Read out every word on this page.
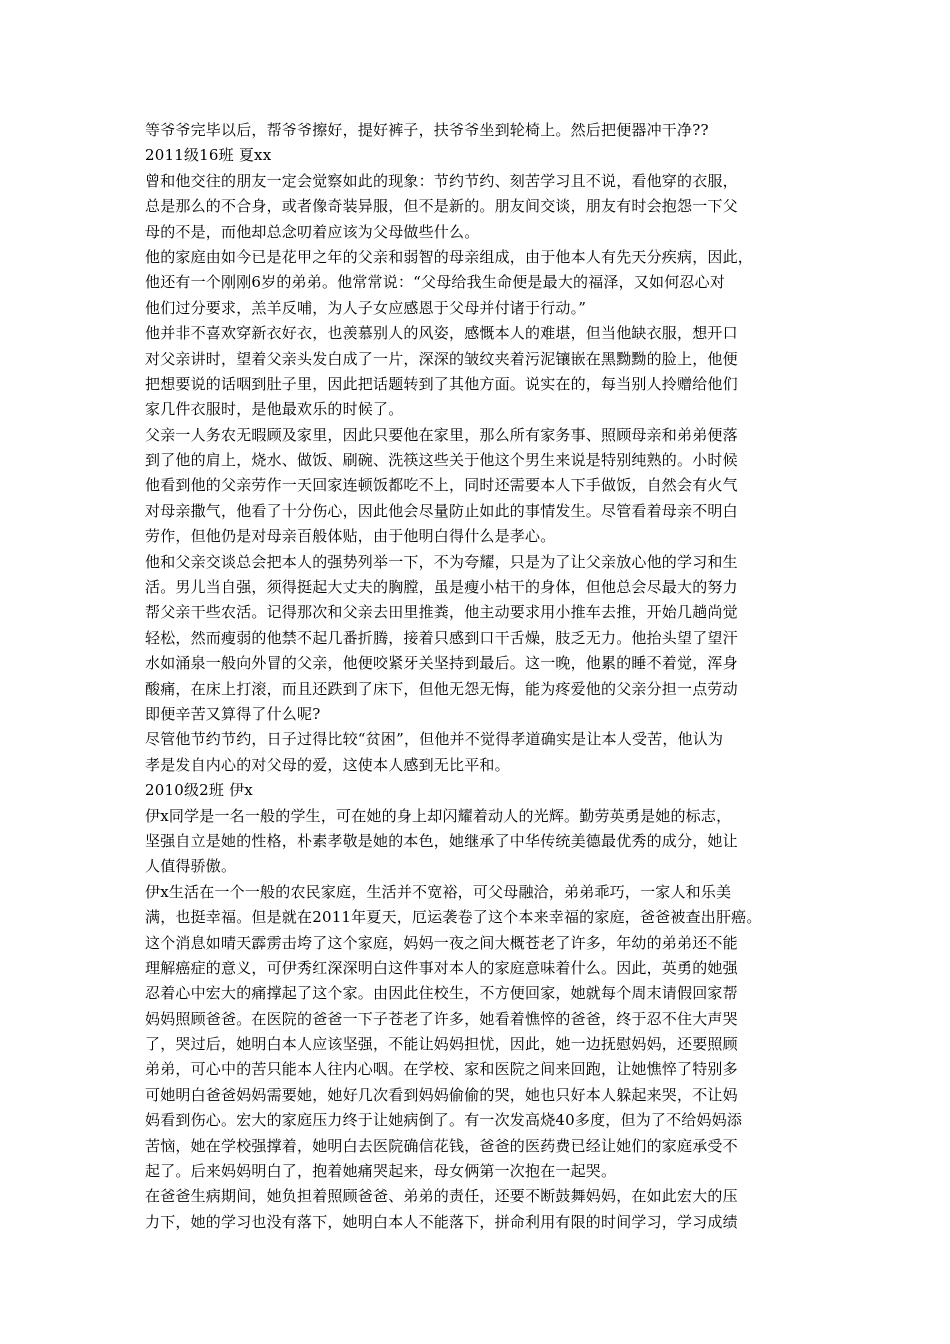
等爷爷完毕以后，帮爷爷擦好，提好裤子，扶爷爷坐到轮椅上。然后把便器冲干净??
2011级16班 夏xx
曾和他交往的朋友一定会觉察如此的现象：节约节约、刻苦学习且不说，看他穿的衣服，
总是那么的不合身，或者像奇装异服，但不是新的。朋友间交谈，朋友有时会抱怨一下父
母的不是，而他却总念叨着应该为父母做些什么。
他的家庭由如今已是花甲之年的父亲和弱智的母亲组成，由于他本人有先天分疾病，因此，
他还有一个刚刚6岁的弟弟。他常常说：“父母给我生命便是最大的福泽，又如何忍心对
他们过分要求，羔羊反哺，为人子女应感恩于父母并付诸于行动。”
他并非不喜欢穿新衣好衣，也羡慕别人的风姿，感慨本人的难堪，但当他缺衣服，想开口
对父亲讲时，望着父亲头发白成了一片，深深的皱纹夹着污泥镶嵌在黑黝黝的脸上，他便
把想要说的话咽到肚子里，因此把话题转到了其他方面。说实在的，每当别人拎赠给他们
家几件衣服时，是他最欢乐的时候了。
父亲一人务农无暇顾及家里，因此只要他在家里，那么所有家务事、照顾母亲和弟弟便落
到了他的肩上，烧水、做饭、刷碗、洗筷这些关于他这个男生来说是特别纯熟的。小时候
他看到他的父亲劳作一天回家连顿饭都吃不上，同时还需要本人下手做饭，自然会有火气
对母亲撒气，他看了十分伤心，因此他会尽量防止如此的事情发生。尽管看着母亲不明白
劳作，但他仍是对母亲百般体贴，由于他明白得什么是孝心。
他和父亲交谈总会把本人的强势列举一下，不为夸耀，只是为了让父亲放心他的学习和生
活。男儿当自强，须得挺起大丈夫的胸膛，虽是瘦小枯干的身体，但他总会尽最大的努力
帮父亲干些农活。记得那次和父亲去田里推粪，他主动要求用小推车去推，开始几趟尚觉
轻松，然而瘦弱的他禁不起几番折腾，接着只感到口干舌燥，肢乏无力。他抬头望了望汗
水如涌泉一般向外冒的父亲，他便咬紧牙关坚持到最后。这一晚，他累的睡不着觉，浑身
酸痛，在床上打滚，而且还跌到了床下，但他无怨无悔，能为疼爱他的父亲分担一点劳动
即便辛苦又算得了什么呢?
尽管他节约节约，日子过得比较“贫困”，但他并不觉得孝道确实是让本人受苦，他认为
孝是发自内心的对父母的爱，这使本人感到无比平和。
2010级2班 伊x
伊x同学是一名一般的学生，可在她的身上却闪耀着动人的光辉。勤劳英勇是她的标志，
坚强自立是她的性格，朴素孝敬是她的本色，她继承了中华传统美德最优秀的成分，她让
人值得骄傲。
伊x生活在一个一般的农民家庭，生活并不宽裕，可父母融洽，弟弟乖巧，一家人和乐美
满，也挺幸福。但是就在2011年夏天，厄运袭卷了这个本来幸福的家庭，爸爸被查出肝癌。
这个消息如晴天霹雳击垮了这个家庭，妈妈一夜之间大概苍老了许多，年幼的弟弟还不能
理解癌症的意义，可伊秀红深深明白这件事对本人的家庭意味着什么。因此，英勇的她强
忍着心中宏大的痛撑起了这个家。由因此住校生，不方便回家，她就每个周末请假回家帮
妈妈照顾爸爸。在医院的爸爸一下子苍老了许多，她看着憔悴的爸爸，终于忍不住大声哭
了，哭过后，她明白本人应该坚强，不能让妈妈担忧，因此，她一边抚慰妈妈，还要照顾
弟弟，可心中的苦只能本人往内心咽。在学校、家和医院之间来回跑，让她憔悴了特别多
可她明白爸爸妈妈需要她，她好几次看到妈妈偷偷的哭，她也只好本人躲起来哭，不让妈
妈看到伤心。宏大的家庭压力终于让她病倒了。有一次发高烧40多度，但为了不给妈妈添
苦恼，她在学校强撑着，她明白去医院确信花钱，爸爸的医药费已经让她们的家庭承受不
起了。后来妈妈明白了，抱着她痛哭起来，母女俩第一次抱在一起哭。
在爸爸生病期间，她负担着照顾爸爸、弟弟的责任，还要不断鼓舞妈妈，在如此宏大的压
力下，她的学习也没有落下，她明白本人不能落下，拼命利用有限的时间学习，学习成绩
